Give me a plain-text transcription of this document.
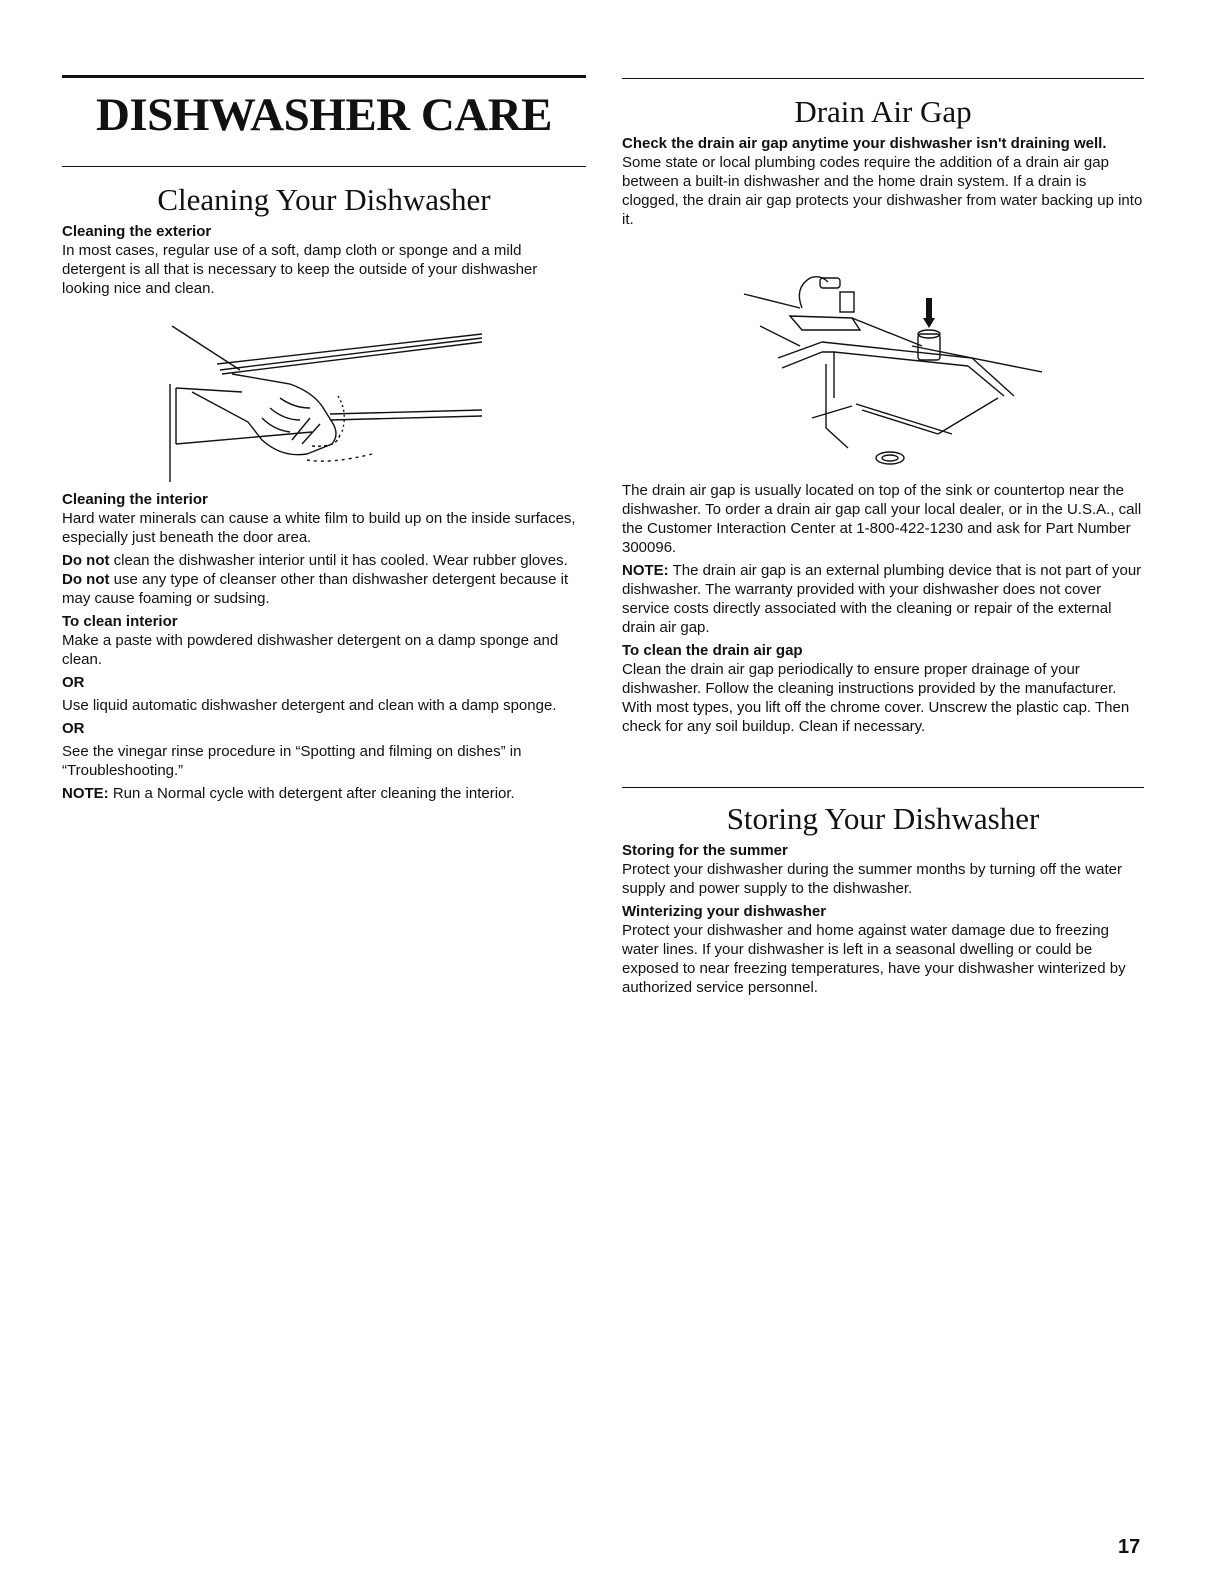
DISHWASHER CARE
Cleaning Your Dishwasher

Cleaning the exterior

In most cases, regular use of a soft, damp cloth or sponge and a mild detergent is all that is necessary to keep the outside of your dishwasher looking nice and clean.

Cleaning the interior

Hard water minerals can cause a white film to build up on the inside surfaces, especially just beneath the door area.

Do not clean the dishwasher interior until it has cooled. Wear rubber gloves. Do not use any type of cleanser other than dishwasher detergent because it may cause foaming or sudsing.

To clean interior

Make a paste with powdered dishwasher detergent on a damp sponge and clean.

OR

Use liquid automatic dishwasher detergent and clean with a damp sponge.

OR

See the vinegar rinse procedure in “Spotting and filming on dishes” in “Troubleshooting.”

NOTE: Run a Normal cycle with detergent after cleaning the interior.

Drain Air Gap

Check the drain air gap anytime your dishwasher isn't draining well.

Some state or local plumbing codes require the addition of a drain air gap between a built-in dishwasher and the home drain system. If a drain is clogged, the drain air gap protects your dishwasher from water backing up into it.

The drain air gap is usually located on top of the sink or countertop near the dishwasher. To order a drain air gap call your local dealer, or in the U.S.A., call the Customer Interaction Center at 1-800-422-1230 and ask for Part Number 300096.

NOTE: The drain air gap is an external plumbing device that is not part of your dishwasher. The warranty provided with your dishwasher does not cover service costs directly associated with the cleaning or repair of the external drain air gap.

To clean the drain air gap

Clean the drain air gap periodically to ensure proper drainage of your dishwasher. Follow the cleaning instructions provided by the manufacturer. With most types, you lift off the chrome cover. Unscrew the plastic cap. Then check for any soil buildup. Clean if necessary.

Storing Your Dishwasher

Storing for the summer

Protect your dishwasher during the summer months by turning off the water supply and power supply to the dishwasher.

Winterizing your dishwasher

Protect your dishwasher and home against water damage due to freezing water lines. If your dishwasher is left in a seasonal dwelling or could be exposed to near freezing temperatures, have your dishwasher winterized by authorized service personnel.

17
